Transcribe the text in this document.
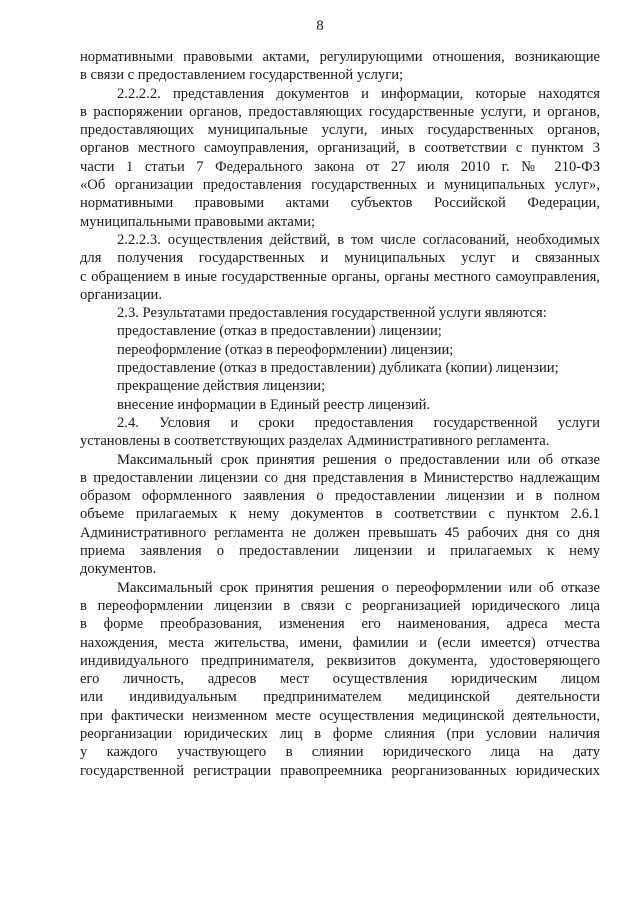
8
нормативными правовыми актами, регулирующими отношения, возникающие
в связи с предоставлением государственной услуги;
2.2.2.2. представления документов и информации, которые находятся
в распоряжении органов, предоставляющих государственные услуги, и органов,
предоставляющих муниципальные услуги, иных государственных органов,
органов местного самоуправления, организаций, в соответствии с пунктом 3
части 1 статьи 7 Федерального закона от 27 июля 2010 г. № 210-ФЗ
«Об организации предоставления государственных и муниципальных услуг»,
нормативными правовыми актами субъектов Российской Федерации,
муниципальными правовыми актами;
2.2.2.3. осуществления действий, в том числе согласований, необходимых
для получения государственных и муниципальных услуг и связанных
с обращением в иные государственные органы, органы местного самоуправления,
организации.
2.3. Результатами предоставления государственной услуги являются:
предоставление (отказ в предоставлении) лицензии;
переоформление (отказ в переоформлении) лицензии;
предоставление (отказ в предоставлении) дубликата (копии) лицензии;
прекращение действия лицензии;
внесение информации в Единый реестр лицензий.
2.4. Условия и сроки предоставления государственной услуги
установлены в соответствующих разделах Административного регламента.
Максимальный срок принятия решения о предоставлении или об отказе
в предоставлении лицензии со дня представления в Министерство надлежащим
образом оформленного заявления о предоставлении лицензии и в полном
объеме прилагаемых к нему документов в соответствии с пунктом 2.6.1
Административного регламента не должен превышать 45 рабочих дня со дня
приема заявления о предоставлении лицензии и прилагаемых к нему
документов.
Максимальный срок принятия решения о переоформлении или об отказе
в переоформлении лицензии в связи с реорганизацией юридического лица
в форме преобразования, изменения его наименования, адреса места
нахождения, места жительства, имени, фамилии и (если имеется) отчества
индивидуального предпринимателя, реквизитов документа, удостоверяющего
его личность, адресов мест осуществления юридическим лицом
или индивидуальным предпринимателем медицинской деятельности
при фактически неизменном месте осуществления медицинской деятельности,
реорганизации юридических лиц в форме слияния (при условии наличия
у каждого участвующего в слиянии юридического лица на дату
государственной регистрации правопреемника реорганизованных юридических
